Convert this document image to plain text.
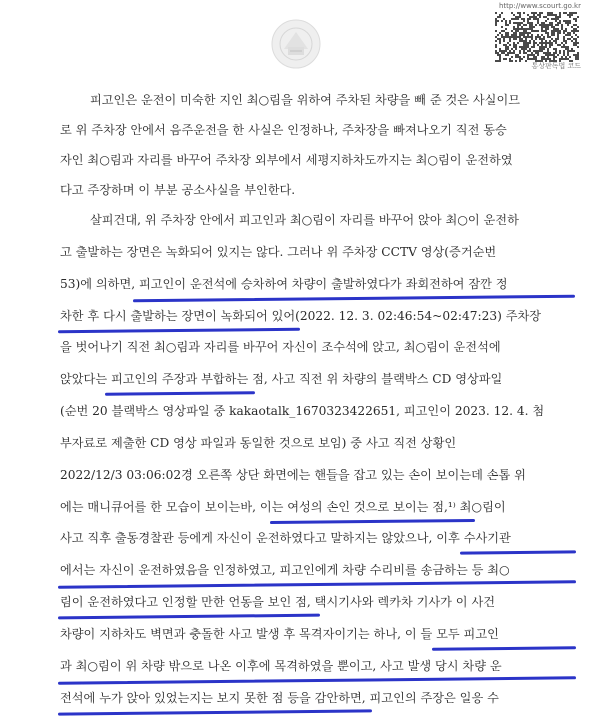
http://www.scourt.go.kr
통상판독법 코드
피고인은 운전이 미숙한 지인 최○림을 위하여 주차된 차량을 빼 준 것은 사실이므
로 위 주차장 안에서 음주운전을 한 사실은 인정하나, 주차장을 빠져나오기 직전 동승
자인 최○림과 자리를 바꾸어 주차장 외부에서 세평지하차도까지는 최○림이 운전하였
다고 주장하며 이 부분 공소사실을 부인한다.
살피건대, 위 주차장 안에서 피고인과 최○림이 자리를 바꾸어 앉아 최○이 운전하
고 출발하는 장면은 녹화되어 있지는 않다. 그러나 위 주차장 CCTV 영상(증거순번
53)에 의하면, 피고인이 운전석에 승차하여 차량이 출발하였다가 좌회전하여 잠깐 정
차한 후 다시 출발하는 장면이 녹화되어 있어(2022. 12. 3. 02:46:54~02:47:23) 주차장
을 벗어나기 직전 최○림과 자리를 바꾸어 자신이 조수석에 앉고, 최○림이 운전석에
앉았다는 피고인의 주장과 부합하는 점, 사고 직전 위 차량의 블랙박스 CD 영상파일
(순번 20 블랙박스 영상파일 중 kakaotalk_1670323422651, 피고인이 2023. 12. 4. 첨
부자료로 제출한 CD 영상 파일과 동일한 것으로 보임) 중 사고 직전 상황인
2022/12/3 03:06:02경 오른쪽 상단 화면에는 핸들을 잡고 있는 손이 보이는데 손톱 위
에는 매니큐어를 한 모습이 보이는바, 이는 여성의 손인 것으로 보이는 점,¹⁾ 최○림이
사고 직후 출동경찰관 등에게 자신이 운전하였다고 말하지는 않았으나, 이후 수사기관
에서는 자신이 운전하였음을 인정하였고, 피고인에게 차량 수리비를 송금하는 등 최○
림이 운전하였다고 인정할 만한 언동을 보인 점, 택시기사와 렉카차 기사가 이 사건
차량이 지하차도 벽면과 충돌한 사고 발생 후 목격자이기는 하나, 이 들 모두 피고인
과 최○림이 위 차량 밖으로 나온 이후에 목격하였을 뿐이고, 사고 발생 당시 차량 운
전석에 누가 앉아 있었는지는 보지 못한 점 등을 감안하면, 피고인의 주장은 일응 수
